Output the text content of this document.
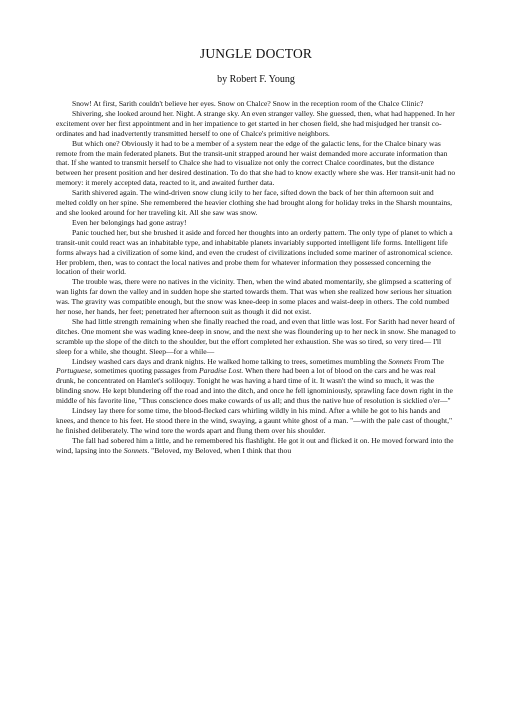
JUNGLE DOCTOR
by Robert F. Young

Snow! At first, Sarith couldn't believe her eyes. Snow on Chalce? Snow in the reception room of the Chalce Clinic?

Shivering, she looked around her. Night. A strange sky. An even stranger valley. She guessed, then, what had happened. In her excitement over her first appointment and in her impatience to get started in her chosen field, she had misjudged her transit co-ordinates and had inadvertently transmitted herself to one of Chalce's primitive neighbors.

But which one? Obviously it had to be a member of a system near the edge of the galactic lens, for the Chalce binary was remote from the main federated planets. But the transit-unit strapped around her waist demanded more accurate information than that. If she wanted to transmit herself to Chalce she had to visualize not only the correct Chalce coordinates, but the distance between her present position and her desired destination. To do that she had to know exactly where she was. Her transit-unit had no memory: it merely accepted data, reacted to it, and awaited further data.

Sarith shivered again. The wind-driven snow clung icily to her face, sifted down the back of her thin afternoon suit and melted coldly on her spine. She remembered the heavier clothing she had brought along for holiday treks in the Sharsh mountains, and she looked around for her traveling kit. All she saw was snow.

Even her belongings had gone astray!

Panic touched her, but she brushed it aside and forced her thoughts into an orderly pattern. The only type of planet to which a transit-unit could react was an inhabitable type, and inhabitable planets invariably supported intelligent life forms. Intelligent life forms always had a civilization of some kind, and even the crudest of civilizations included some mariner of astronomical science. Her problem, then, was to contact the local natives and probe them for whatever information they possessed concerning the location of their world.

The trouble was, there were no natives in the vicinity. Then, when the wind abated momentarily, she glimpsed a scattering of wan lights far down the valley and in sudden hope she started towards them. That was when she realized how serious her situation was. The gravity was compatible enough, but the snow was knee-deep in some places and waist-deep in others. The cold numbed her nose, her hands, her feet; penetrated her afternoon suit as though it did not exist.

She had little strength remaining when she finally reached the road, and even that little was lost. For Sarith had never heard of ditches. One moment she was wading knee-deep in snow, and the next she was floundering up to her neck in snow. She managed to scramble up the slope of the ditch to the shoulder, but the effort completed her exhaustion. She was so tired, so very tired— I'll sleep for a while, she thought. Sleep—for a while—

Lindsey washed cars days and drank nights. He walked home talking to trees, sometimes mumbling the Sonnets From The Portuguese, sometimes quoting passages from Paradise Lost. When there had been a lot of blood on the cars and he was real drunk, he concentrated on Hamlet's soliloquy. Tonight he was having a hard time of it. It wasn't the wind so much, it was the blinding snow. He kept blundering off the road and into the ditch, and once he fell ignominiously, sprawling face down right in the middle of his favorite line, "Thus conscience does make cowards of us all; and thus the native hue of resolution is sicklied o'er—"

Lindsey lay there for some time, the blood-flecked cars whirling wildly in his mind. After a while he got to his hands and knees, and thence to his feet. He stood there in the wind, swaying, a gaunt white ghost of a man. "—with the pale cast of thought," he finished deliberately. The wind tore the words apart and flung them over his shoulder.

The fall had sobered him a little, and he remembered his flashlight. He got it out and flicked it on. He moved forward into the wind, lapsing into the Sonnets. "Beloved, my Beloved, when I think that thou
